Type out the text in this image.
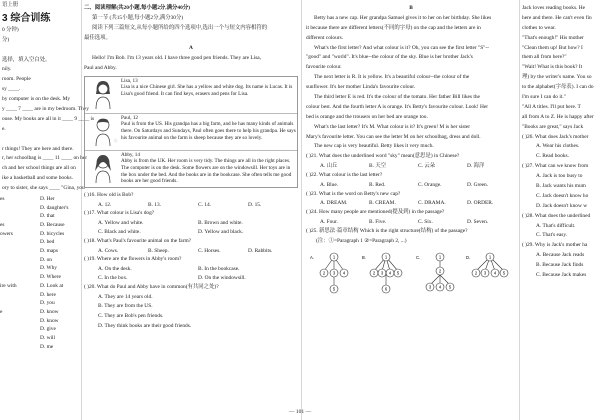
·
语上册
3 综合训练
0 分钟)
分)

选择，填入空白处。
nily.
room. People
sy ____.
by computer is on the desk. My
y ____ 7 ____ are in my bedroom. They
ouse. My books are all in it ____ 9 ____ is
e.

r things! They are here and there.
r, her schoolbag is ____ 11 ____ on her
ch and her school things are all on
ike a basketball and some books.
ory to sister, she says ____ "Gina, you
es	D. Her

D. daughter's

D. that
es	D. Because
owers	D. bicycles

D. bed

D. maps

D. on

D. Why

D. Where
ire with	D. Look at

D. here

D. you
e	D. know

D. know

D. give

D. will

D. me
二、阅读理解(共20小题,每小题2分,满分40分)
第一节 (共15小题,每小题2分,满分30分)
阅读下列三篇短文,从每小题所给的四个选项中,选出一个与短文内容相符的
最佳选项。
A
Hello! I'm Bob. I'm 13 years old. I have three good pen friends. They are Lisa,
Paul and Abby.
Lisa, 13
Lisa is a nice Chinese girl. She has a yellow and white dog. Its name is Lucas. It is Lisa's good friend. It can find keys, erasers and pens for Lisa.
Paul, 12
Paul is from the US. His grandpa has a big farm, and he has many kinds of animals there. On Saturdays and Sundays, Paul often goes there to help his grandpa. He says his favourite animal on the farm is sheep because they are so lovely.
Abby, 14
Abby is from the UK. Her room is very tidy. The things are all in the right places. The computer is on the desk. Some flowers are on the windowsill. Her toys are in the box under the bed. And the books are in the bookcase. She often tells me good books are her good friends.
( )16. How old is Bob?
A. 12.	B. 13.	C. 14.	D. 15.
( )17. What colour is Lisa's dog?
A. Yellow and white.	B. Brown and white.
C. Black and white.	D. Yellow and black.
( )18. What's Paul's favourite animal on the farm?
A. Cows.	B. Sheep.	C. Horses.	D. Rabbits.
( )19. Where are the flowers in Abby's room?
A. On the desk.	B. In the bookcase.
C. In the box.	D. On the windowsill.
( )20. What do Paul and Abby have in common(有共同之处)?
A. They are 14 years old.
B. They are from the US.
C. They are Bob's pen friends.
D. They think books are their good friends.
B
Betty has a new cap. Her grandpa Samuel gives it to her on her birthday. She likes
it because there are different letters(不同的字母) on the cap and the letters are in
different colours.
What's the first letter? And what colour is it? Oh, you can see the first letter "S"--
"good" and "world". It's blue--the colour of the sky. Blue is her brother Jack's
favourite colour.
The next letter is R. It is yellow. It's a beautiful colour--the colour of the
sunflower. It's her mother Linda's favourite colour.
The third letter E is red. It's the colour of the tomato. Her father Bill likes the
colour best. And the fourth letter A is orange. It's Betty's favourite colour. Look! Her
bed is orange and the trousers on her bed are orange too.
What's the last letter? It's M. What colour is it? It's green! M is her sister
Mary's favourite letter. You can see the letter M on her schoolbag, dress and doll.
The new cap is very beautiful. Betty likes it very much.
( )21. What does the underlined word "sky" mean(意思是) in Chinese?
A. 山丘	B. 天空	C. 云朵	D. 海洋
( )22. What colour is the last letter?
A. Blue.	B. Red.	C. Orange.	D. Green.
( )23. What is the word on Betty's new cap?
A. DREAM.	B. CREAM.	C. DRAMA.	D. ORDER.
( )24. How many people are mentioned(提及到) in the passage?
A. Four.	B. Five.	C. Six.	D. Seven.
( )25. 新思法·篇章结构 Which is the right structure(结构) of the passage?
(注：①=Paragraph 1 ②=Paragraph 2, ...)
A.	1
2 3 4
5
B.	1
2 3 4 5
6
C.	1
2
3 4 5
D.	1
2 3 4 5
Jack loves reading books. He
here and there. He can't even fin
clothes to wear.
"That's enough!" His mother
"Clean them up! But how? I
them all from here?"
"Wait! What is this book? It
理) by the writer's name. You so
to the alphabet(字母表). I can do
I'm sure I can do it."
"All A titles. I'll put here. T
all from A to Z. He is happy after
"Books are great," says Jack
( )26. What does Jack's mother
A. Wear his clothes.
C. Read books.
( )27. What can we know from
A. Jack is too busy to
B. Jack wants his mum
C. Jack doesn't know ho
D. Jack doesn't know w
( )28. What does the underlined
A. That's difficult.
C. That's easy.
( )29. Why is Jack's mother ha
A. Because Jack reads
B. Because Jack finds
C. Because Jack makes
— 101 —
